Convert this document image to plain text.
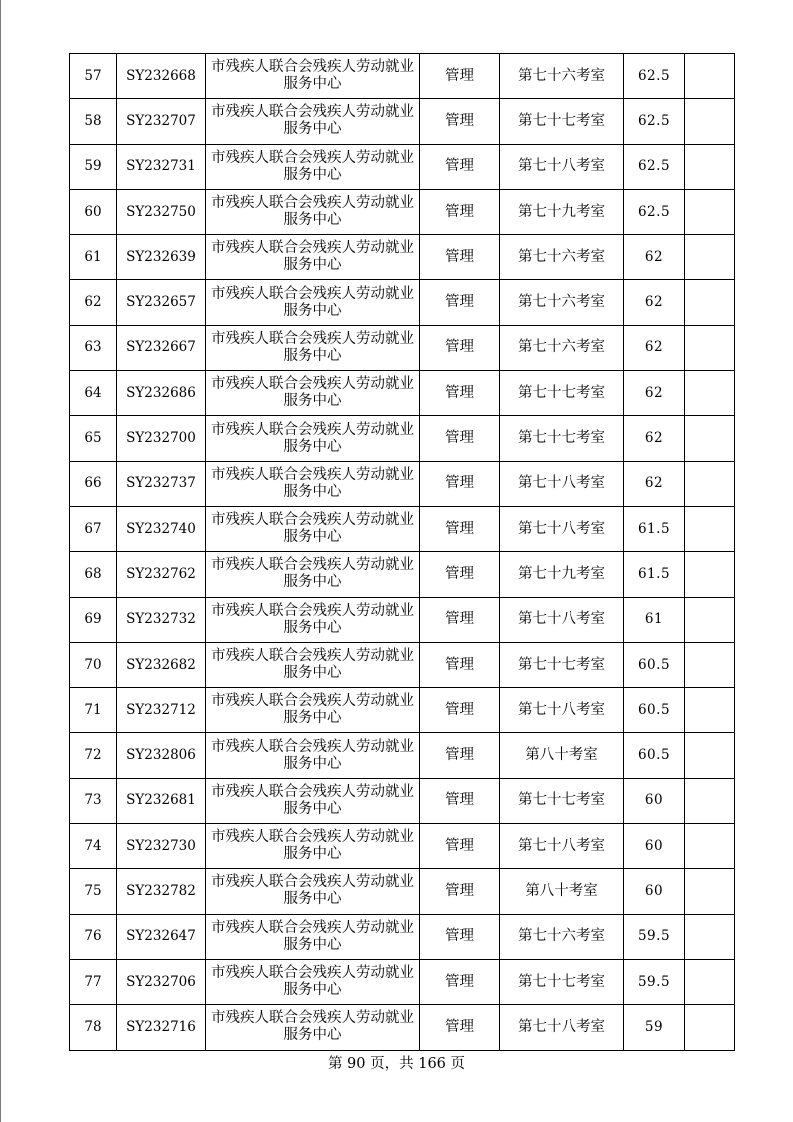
57	SY232668	市残疾人联合会残疾人劳动就业服务中心	管理	第七十六考室	62.5	
58	SY232707	市残疾人联合会残疾人劳动就业服务中心	管理	第七十七考室	62.5	
59	SY232731	市残疾人联合会残疾人劳动就业服务中心	管理	第七十八考室	62.5	
60	SY232750	市残疾人联合会残疾人劳动就业服务中心	管理	第七十九考室	62.5	
61	SY232639	市残疾人联合会残疾人劳动就业服务中心	管理	第七十六考室	62	
62	SY232657	市残疾人联合会残疾人劳动就业服务中心	管理	第七十六考室	62	
63	SY232667	市残疾人联合会残疾人劳动就业服务中心	管理	第七十六考室	62	
64	SY232686	市残疾人联合会残疾人劳动就业服务中心	管理	第七十七考室	62	
65	SY232700	市残疾人联合会残疾人劳动就业服务中心	管理	第七十七考室	62	
66	SY232737	市残疾人联合会残疾人劳动就业服务中心	管理	第七十八考室	62	
67	SY232740	市残疾人联合会残疾人劳动就业服务中心	管理	第七十八考室	61.5	
68	SY232762	市残疾人联合会残疾人劳动就业服务中心	管理	第七十九考室	61.5	
69	SY232732	市残疾人联合会残疾人劳动就业服务中心	管理	第七十八考室	61	
70	SY232682	市残疾人联合会残疾人劳动就业服务中心	管理	第七十七考室	60.5	
71	SY232712	市残疾人联合会残疾人劳动就业服务中心	管理	第七十八考室	60.5	
72	SY232806	市残疾人联合会残疾人劳动就业服务中心	管理	第八十考室	60.5	
73	SY232681	市残疾人联合会残疾人劳动就业服务中心	管理	第七十七考室	60	
74	SY232730	市残疾人联合会残疾人劳动就业服务中心	管理	第七十八考室	60	
75	SY232782	市残疾人联合会残疾人劳动就业服务中心	管理	第八十考室	60	
76	SY232647	市残疾人联合会残疾人劳动就业服务中心	管理	第七十六考室	59.5	
77	SY232706	市残疾人联合会残疾人劳动就业服务中心	管理	第七十七考室	59.5	
78	SY232716	市残疾人联合会残疾人劳动就业服务中心	管理	第七十八考室	59	
第 90 页，共 166 页
